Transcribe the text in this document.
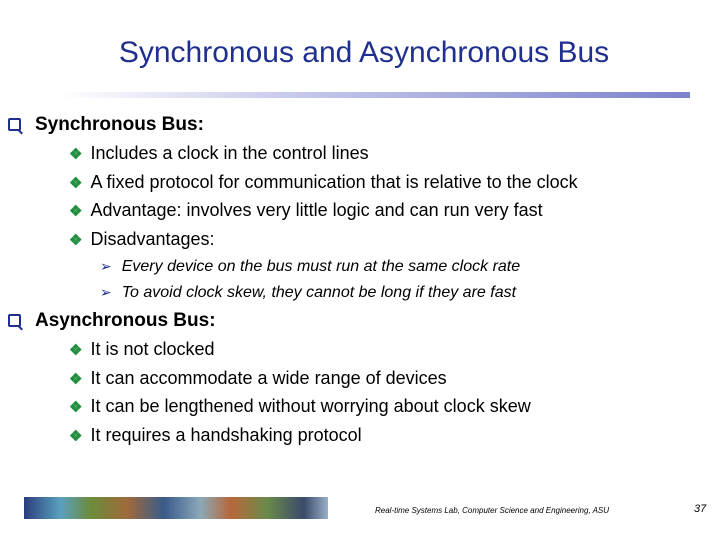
Synchronous and Asynchronous Bus
Synchronous Bus:
❖ Includes a clock in the control lines
❖ A fixed protocol for communication that is relative to the clock
❖ Advantage: involves very little logic and can run very fast
❖ Disadvantages:
➢ Every device on the bus must run at the same clock rate
➢ To avoid clock skew, they cannot be long if they are fast
Asynchronous Bus:
❖ It is not clocked
❖ It can accommodate a wide range of devices
❖ It can be lengthened without worrying about clock skew
❖ It requires a handshaking protocol
Real-time Systems Lab, Computer Science and Engineering, ASU	37
